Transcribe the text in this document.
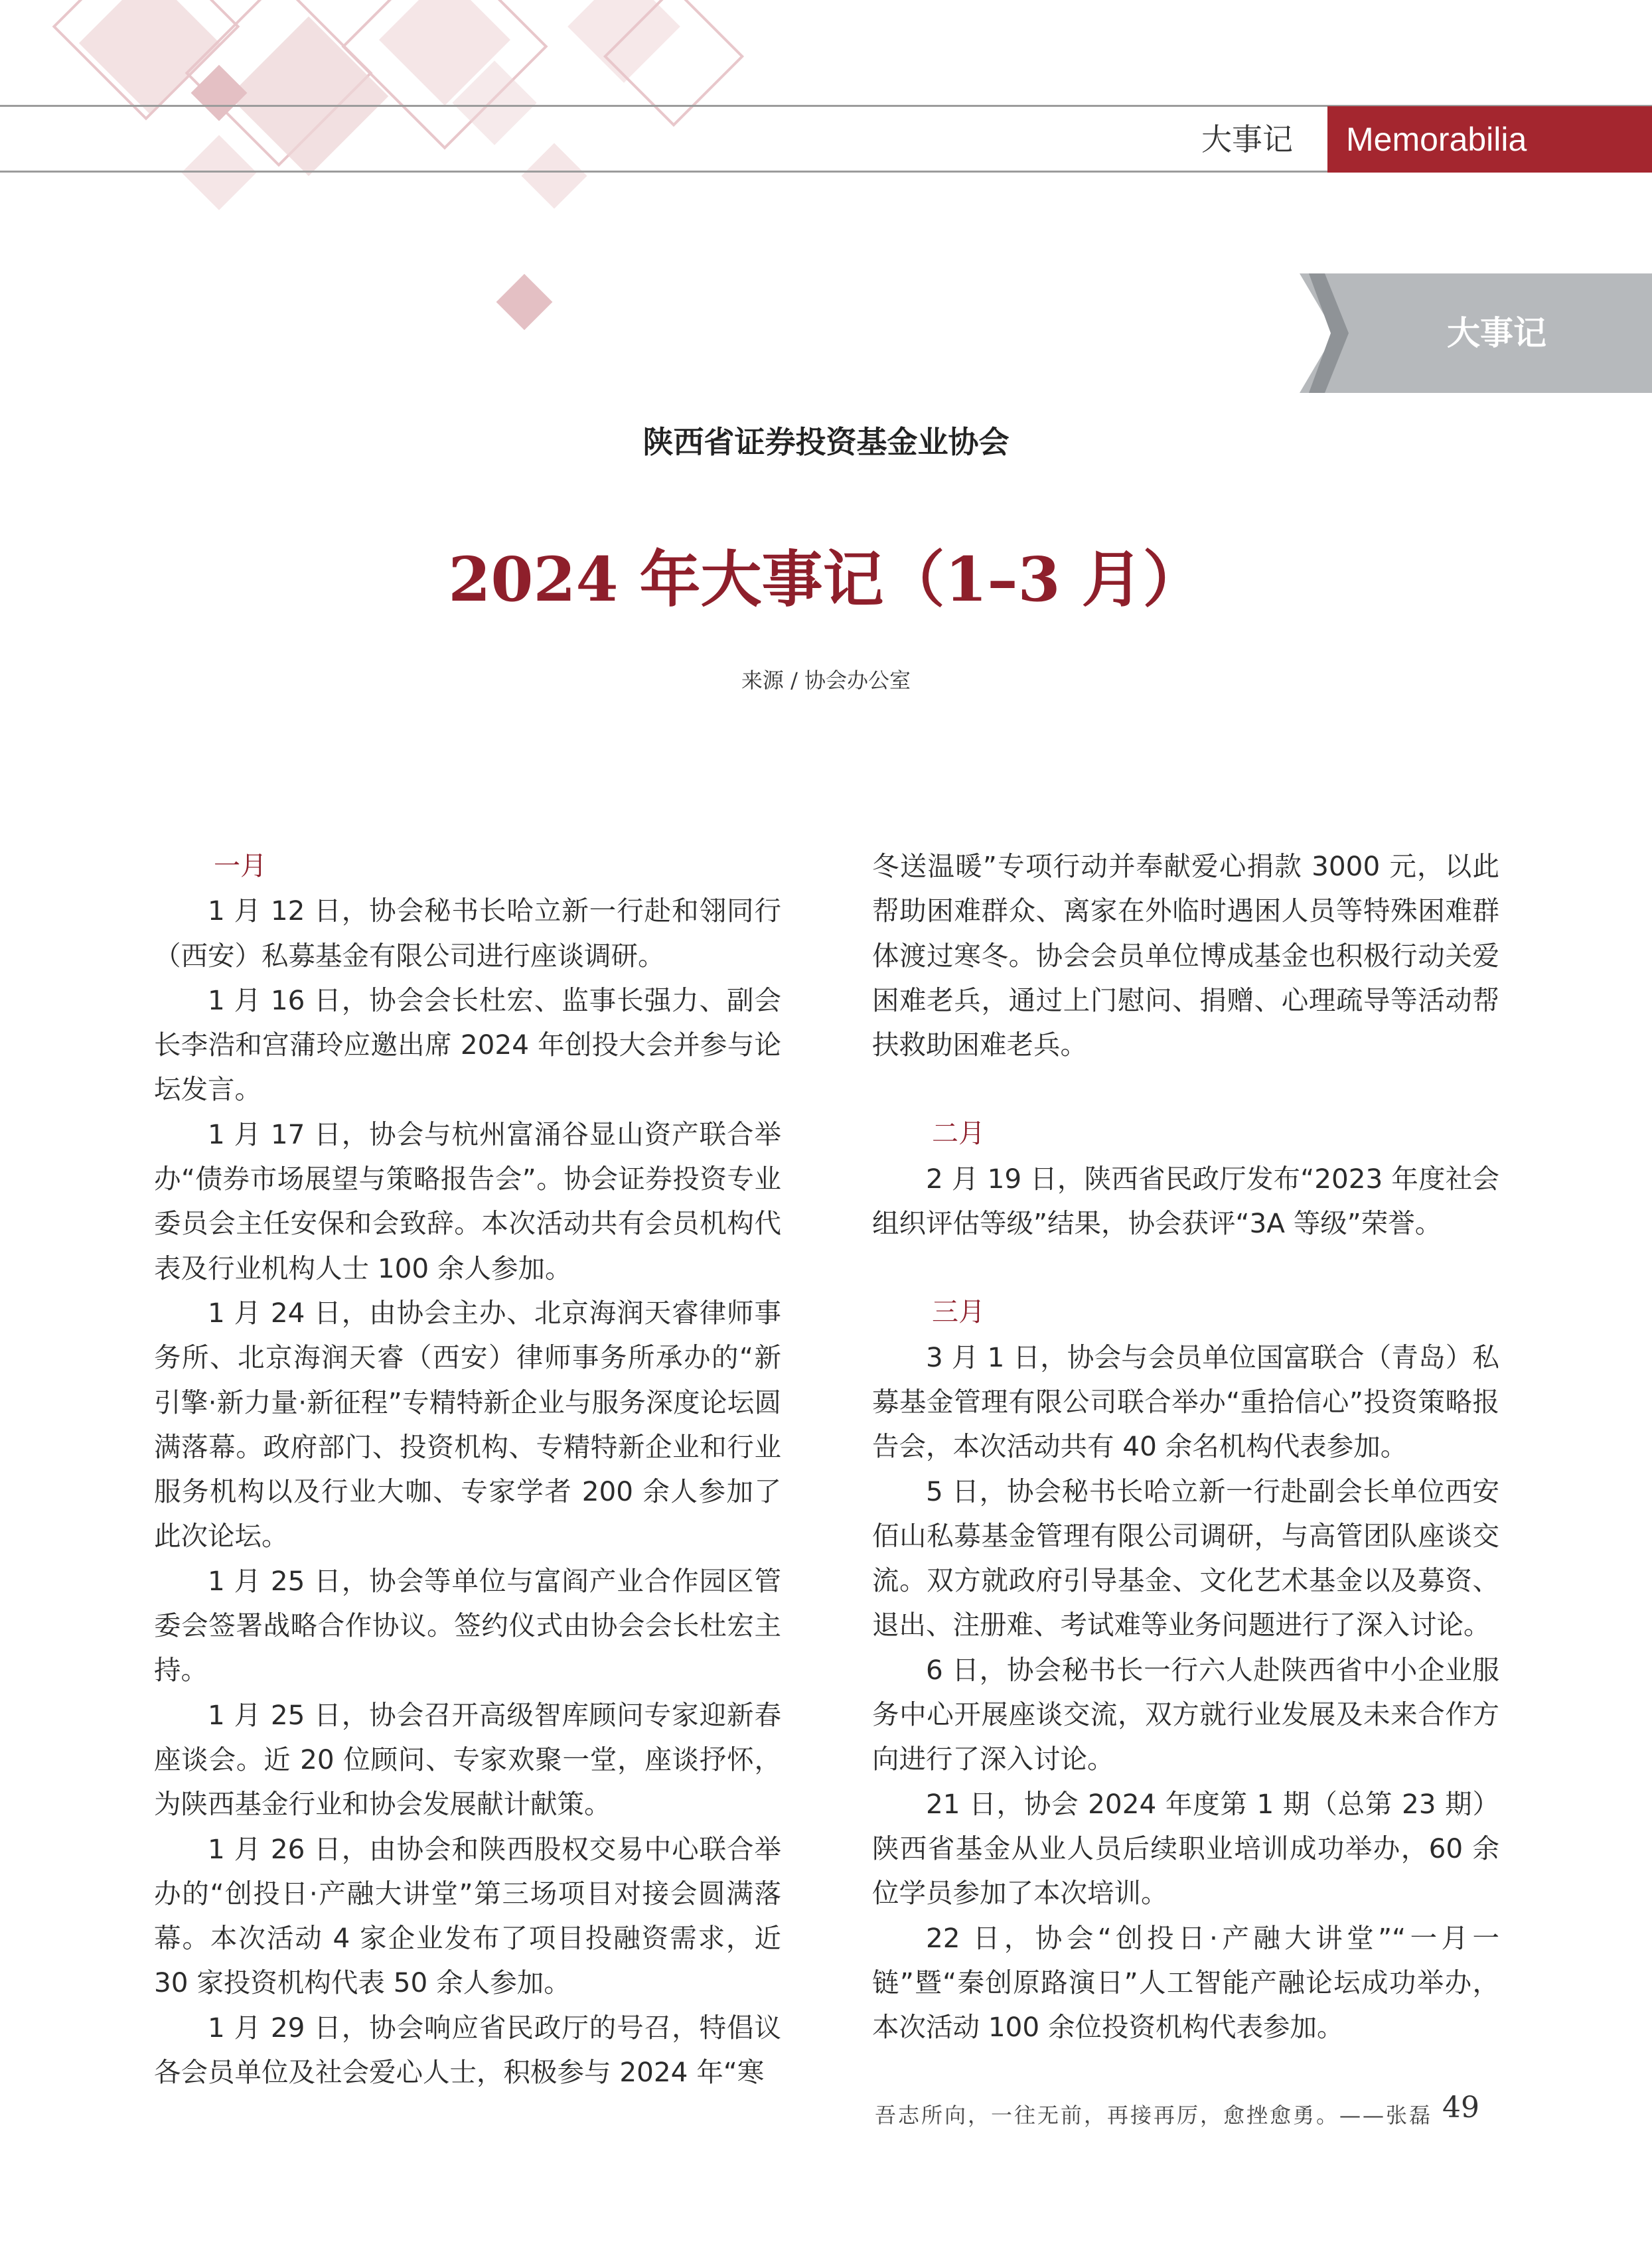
大事记	Memorabilia
大事记
陕西省证券投资基金业协会
2024 年大事记（1–3 月）
来源 / 协会办公室
一月

1 月 12 日，协会秘书长哈立新一行赴和翎同行（西安）私募基金有限公司进行座谈调研。

1 月 16 日，协会会长杜宏、监事长强力、副会长李浩和宫蒲玲应邀出席 2024 年创投大会并参与论坛发言。

1 月 17 日，协会与杭州富涌谷显山资产联合举办“债券市场展望与策略报告会”。协会证券投资专业委员会主任安保和会致辞。本次活动共有会员机构代表及行业机构人士 100 余人参加。

1 月 24 日，由协会主办、北京海润天睿律师事务所、北京海润天睿（西安）律师事务所承办的“新引擎·新力量·新征程”专精特新企业与服务深度论坛圆满落幕。政府部门、投资机构、专精特新企业和行业服务机构以及行业大咖、专家学者 200 余人参加了此次论坛。

1 月 25 日，协会等单位与富阎产业合作园区管委会签署战略合作协议。签约仪式由协会会长杜宏主持。

1 月 25 日，协会召开高级智库顾问专家迎新春座谈会。近 20 位顾问、专家欢聚一堂，座谈抒怀，为陕西基金行业和协会发展献计献策。

1 月 26 日，由协会和陕西股权交易中心联合举办的“创投日·产融大讲堂”第三场项目对接会圆满落幕。本次活动 4 家企业发布了项目投融资需求，近 30 家投资机构代表 50 余人参加。

1 月 29 日，协会响应省民政厅的号召，特倡议各会员单位及社会爱心人士，积极参与 2024 年“寒

冬送温暖”专项行动并奉献爱心捐款 3000 元，以此帮助困难群众、离家在外临时遇困人员等特殊困难群体渡过寒冬。协会会员单位博成基金也积极行动关爱困难老兵，通过上门慰问、捐赠、心理疏导等活动帮扶救助困难老兵。

二月

2 月 19 日，陕西省民政厅发布“2023 年度社会组织评估等级”结果，协会获评“3A 等级”荣誉。

三月

3 月 1 日，协会与会员单位国富联合（青岛）私募基金管理有限公司联合举办“重拾信心”投资策略报告会，本次活动共有 40 余名机构代表参加。

5 日，协会秘书长哈立新一行赴副会长单位西安佰山私募基金管理有限公司调研，与高管团队座谈交流。双方就政府引导基金、文化艺术基金以及募资、退出、注册难、考试难等业务问题进行了深入讨论。

6 日，协会秘书长一行六人赴陕西省中小企业服务中心开展座谈交流，双方就行业发展及未来合作方向进行了深入讨论。

21 日，协会 2024 年度第 1 期（总第 23 期）陕西省基金从业人员后续职业培训成功举办，60 余位学员参加了本次培训。

22 日，协会“创投日·产融大讲堂”“一月一链”暨“秦创原路演日”人工智能产融论坛成功举办，本次活动 100 余位投资机构代表参加。

吾志所向，一往无前，再接再厉，愈挫愈勇。——张磊 49
